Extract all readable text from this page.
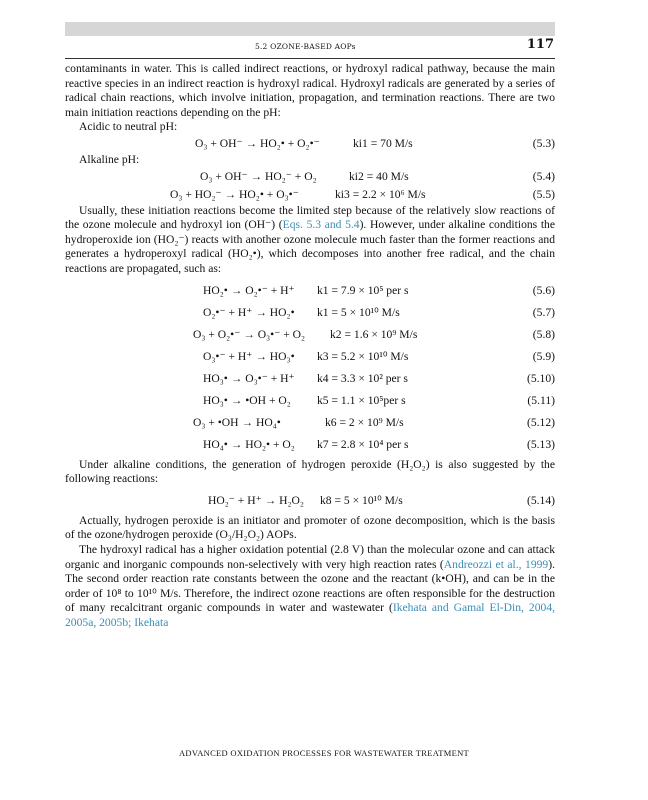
5.2 OZONE-BASED AOPs	117

contaminants in water. This is called indirect reactions, or hydroxyl radical pathway, because the main reactive species in an indirect reaction is hydroxyl radical. Hydroxyl radicals are generated by a series of radical chain reactions, which involve initiation, propagation, and termination reactions. There are two main initiation reactions depending on the pH:

Acidic to neutral pH:

O₃ + OH⁻ → HO₂• + O₂•⁻	ki1 = 70 M/s	(5.3)

Alkaline pH:

O₃ + OH⁻ → HO₂⁻ + O₂	ki2 = 40 M/s	(5.4)
O₃ + HO₂⁻ → HO₂• + O₃•⁻	ki3 = 2.2 × 10⁶ M/s	(5.5)

Usually, these initiation reactions become the limited step because of the relatively slow reactions of the ozone molecule and hydroxyl ion (OH⁻) (Eqs. 5.3 and 5.4). However, under alkaline conditions the hydroperoxide ion (HO₂⁻) reacts with another ozone molecule much faster than the former reactions and generates a hydroperoxyl radical (HO₂•), which decomposes into another free radical, and the chain reactions are propagated, such as:

HO₂• → O₂•⁻ + H⁺ k1 = 7.9 × 10⁵ per s	(5.6)
O₂•⁻ + H⁺ → HO₂• k1 = 5 × 10¹⁰ M/s	(5.7)
O₃ + O₂•⁻ → O₃•⁻ + O₂ k2 = 1.6 × 10⁹ M/s	(5.8)
O₃•⁻ + H⁺ → HO₃• k3 = 5.2 × 10¹⁰ M/s	(5.9)
HO₃• → O₃•⁻ + H⁺ k4 = 3.3 × 10² per s	(5.10)
HO₃• → •OH + O₂ k5 = 1.1 × 10⁵per s	(5.11)
O₃ + •OH → HO₄•	k6 = 2 × 10⁹ M/s	(5.12)
HO₄• → HO₂• + O₂ k7 = 2.8 × 10⁴ per s	(5.13)

Under alkaline conditions, the generation of hydrogen peroxide (H₂O₂) is also suggested by the following reactions:

HO₂⁻ + H⁺ → H₂O₂ k8 = 5 × 10¹⁰ M/s	(5.14)

Actually, hydrogen peroxide is an initiator and promoter of ozone decomposition, which is the basis of the ozone/hydrogen peroxide (O₃/H₂O₂) AOPs.

The hydroxyl radical has a higher oxidation potential (2.8 V) than the molecular ozone and can attack organic and inorganic compounds non-selectively with very high reaction rates (Andreozzi et al., 1999). The second order reaction rate constants between the ozone and the reactant (k•OH), and can be in the order of 10⁸ to 10¹⁰ M/s. Therefore, the indirect ozone reactions are often responsible for the destruction of many recalcitrant organic compounds in water and wastewater (Ikehata and Gamal El-Din, 2004, 2005a, 2005b; Ikehata

ADVANCED OXIDATION PROCESSES FOR WASTEWATER TREATMENT
